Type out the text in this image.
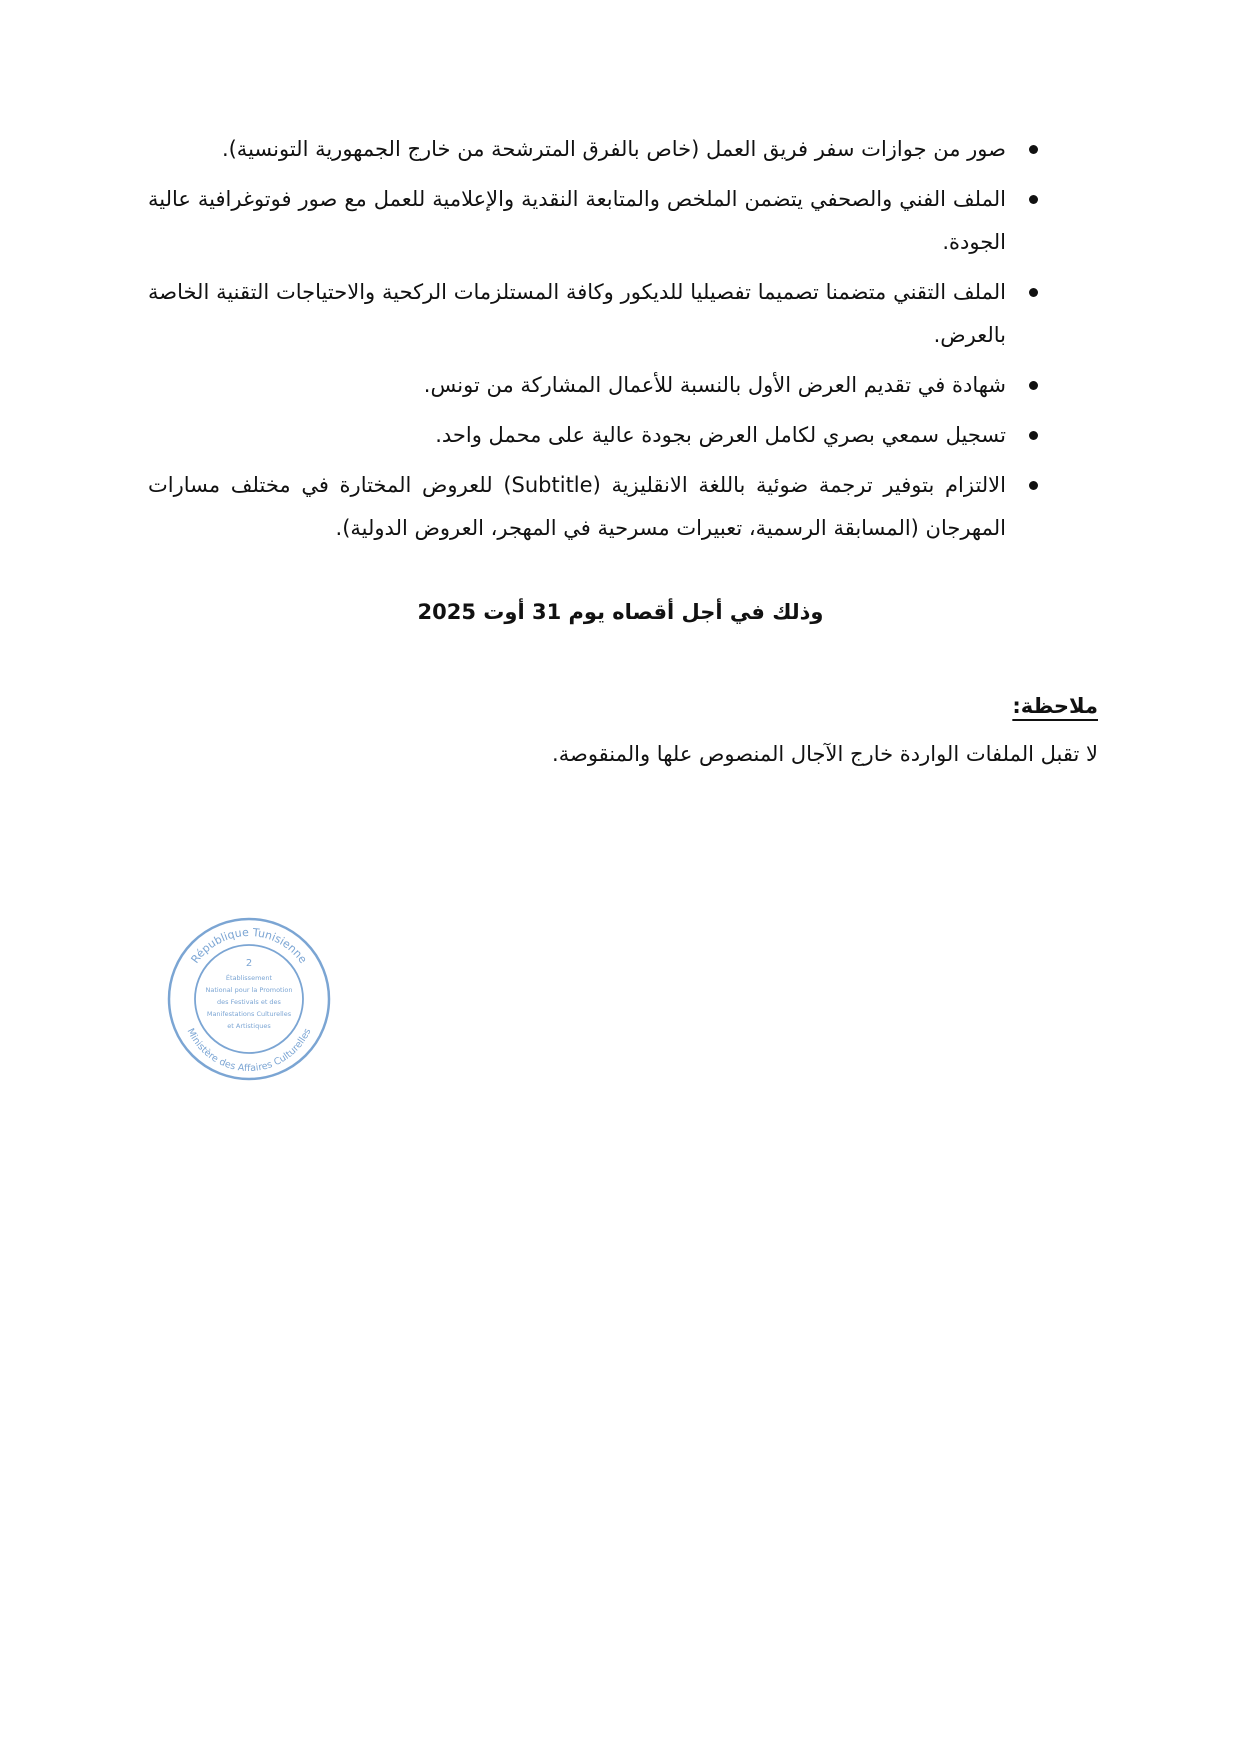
صور من جوازات سفر فريق العمل (خاص بالفرق المترشحة من خارج الجمهورية التونسية).
الملف الفني والصحفي يتضمن الملخص والمتابعة النقدية والإعلامية للعمل مع صور فوتوغرافية عالية الجودة.
الملف التقني متضمنا تصميما تفصيليا للديكور وكافة المستلزمات الركحية والاحتياجات التقنية الخاصة بالعرض.
شهادة في تقديم العرض الأول بالنسبة للأعمال المشاركة من تونس.
تسجيل سمعي بصري لكامل العرض بجودة عالية على محمل واحد.
الالتزام بتوفير ترجمة ضوئية باللغة الانقليزية (Subtitle) للعروض المختارة في مختلف مسارات المهرجان (المسابقة الرسمية، تعبيرات مسرحية في المهجر، العروض الدولية).
وذلك في أجل أقصاه يوم 31 أوت 2025
ملاحظة:
لا تقبل الملفات الواردة خارج الآجال المنصوص علها والمنقوصة.
République Tunisienne
Ministère des Affaires Culturelles
2
Établissement
National pour la Promotion
des Festivals et des
Manifestations Culturelles
et Artistiques
